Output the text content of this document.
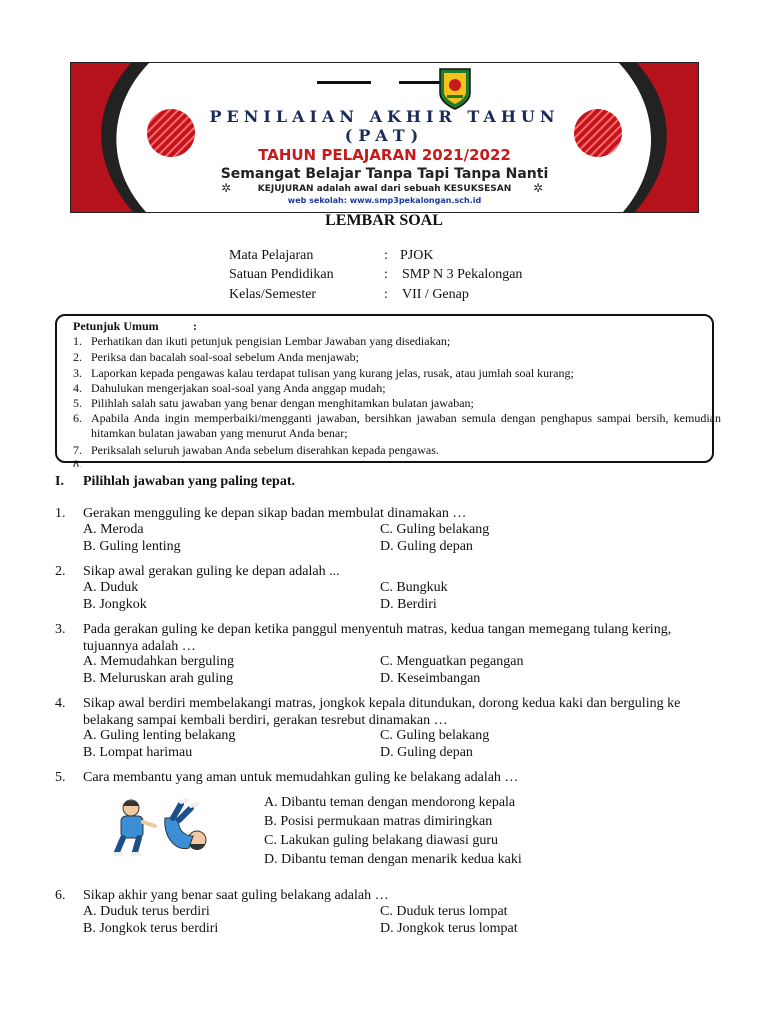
PENILAIAN AKHIR TAHUN
(PAT)
TAHUN PELAJARAN 2021/2022
Semangat Belajar Tanpa Tapi Tanpa Nanti
✲	✲
KEJUJURAN adalah awal dari sebuah KESUKSESAN
web sekolah: www.smp3pekalongan.sch.id
LEMBAR SOAL
Mata Pelajaran	: PJOK
Satuan Pendidikan	: SMP N 3 Pekalongan
Kelas/Semester	: VII / Genap
Petunjuk Umum	:
1. Perhatikan dan ikuti petunjuk pengisian Lembar Jawaban yang disediakan;
2. Periksa dan bacalah soal-soal sebelum Anda menjawab;
3. Laporkan kepada pengawas kalau terdapat tulisan yang kurang jelas, rusak, atau jumlah soal kurang;
4. Dahulukan mengerjakan soal-soal yang Anda anggap mudah;
5. Pilihlah salah satu jawaban yang benar dengan menghitamkan bulatan jawaban;
6. Apabila Anda ingin memperbaiki/mengganti jawaban, bersihkan jawaban semula dengan penghapus sampai bersih, kemudian hitamkan bulatan jawaban yang menurut Anda benar;
7. Periksalah seluruh jawaban Anda sebelum diserahkan kepada pengawas.
8.
I. Pilihlah jawaban yang paling tepat.
1. Gerakan mengguling ke depan sikap badan membulat dinamakan …
A. Meroda	C. Guling belakang
B. Guling lenting	D. Guling depan
2. Sikap awal gerakan guling ke depan adalah ...
A. Duduk	C. Bungkuk
B. Jongkok	D. Berdiri
3. Pada gerakan guling ke depan ketika panggul menyentuh matras, kedua tangan memegang tulang kering, tujuannya adalah …
A. Memudahkan berguling	C. Menguatkan pegangan
B. Meluruskan arah guling	D. Keseimbangan
4. Sikap awal berdiri membelakangi matras, jongkok kepala ditundukan, dorong kedua kaki dan berguling ke belakang sampai kembali berdiri, gerakan tesrebut dinamakan …
A. Guling lenting belakang	C. Guling belakang
B. Lompat harimau	D. Guling depan
5. Cara membantu yang aman untuk memudahkan guling ke belakang adalah …
A. Dibantu teman dengan mendorong kepala
B. Posisi permukaan matras dimiringkan
C. Lakukan guling belakang diawasi guru
D. Dibantu teman dengan menarik kedua kaki
6. Sikap akhir yang benar saat guling belakang adalah …
A. Duduk terus berdiri	C. Duduk terus lompat
B. Jongkok terus berdiri	D. Jongkok terus lompat
